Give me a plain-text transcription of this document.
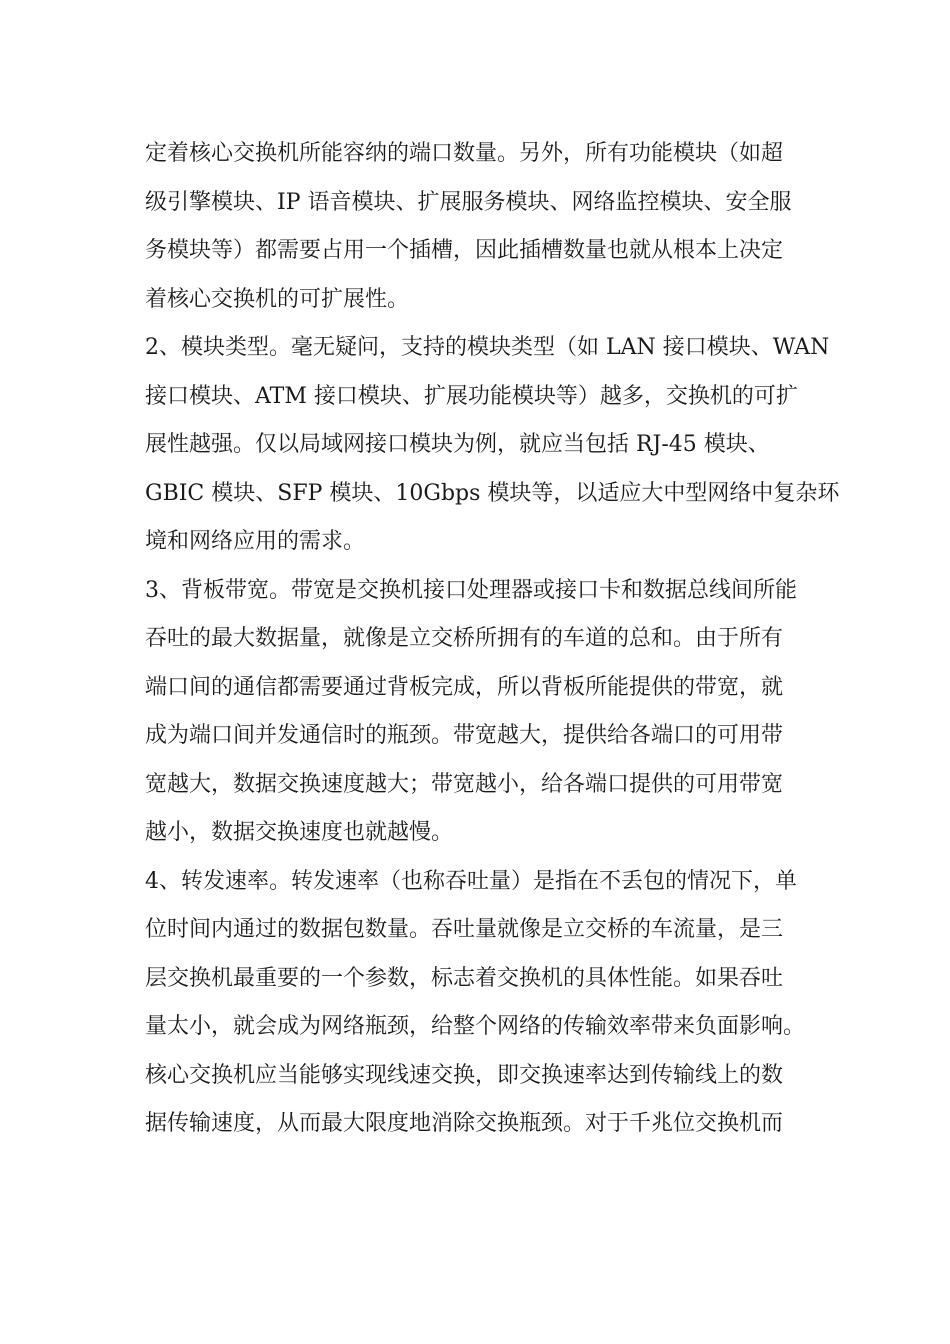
定着核心交换机所能容纳的端口数量。另外，所有功能模块（如超
级引擎模块、IP 语音模块、扩展服务模块、网络监控模块、安全服
务模块等）都需要占用一个插槽，因此插槽数量也就从根本上决定
着核心交换机的可扩展性。
2、模块类型。毫无疑问，支持的模块类型（如 LAN 接口模块、WAN
接口模块、ATM 接口模块、扩展功能模块等）越多，交换机的可扩
展性越强。仅以局域网接口模块为例，就应当包括 RJ-45 模块、
GBIC 模块、SFP 模块、10Gbps 模块等，以适应大中型网络中复杂环
境和网络应用的需求。
3、背板带宽。带宽是交换机接口处理器或接口卡和数据总线间所能
吞吐的最大数据量，就像是立交桥所拥有的车道的总和。由于所有
端口间的通信都需要通过背板完成，所以背板所能提供的带宽，就
成为端口间并发通信时的瓶颈。带宽越大，提供给各端口的可用带
宽越大，数据交换速度越大；带宽越小，给各端口提供的可用带宽
越小，数据交换速度也就越慢。
4、转发速率。转发速率（也称吞吐量）是指在不丢包的情况下，单
位时间内通过的数据包数量。吞吐量就像是立交桥的车流量，是三
层交换机最重要的一个参数，标志着交换机的具体性能。如果吞吐
量太小，就会成为网络瓶颈，给整个网络的传输效率带来负面影响。
核心交换机应当能够实现线速交换，即交换速率达到传输线上的数
据传输速度，从而最大限度地消除交换瓶颈。对于千兆位交换机而
